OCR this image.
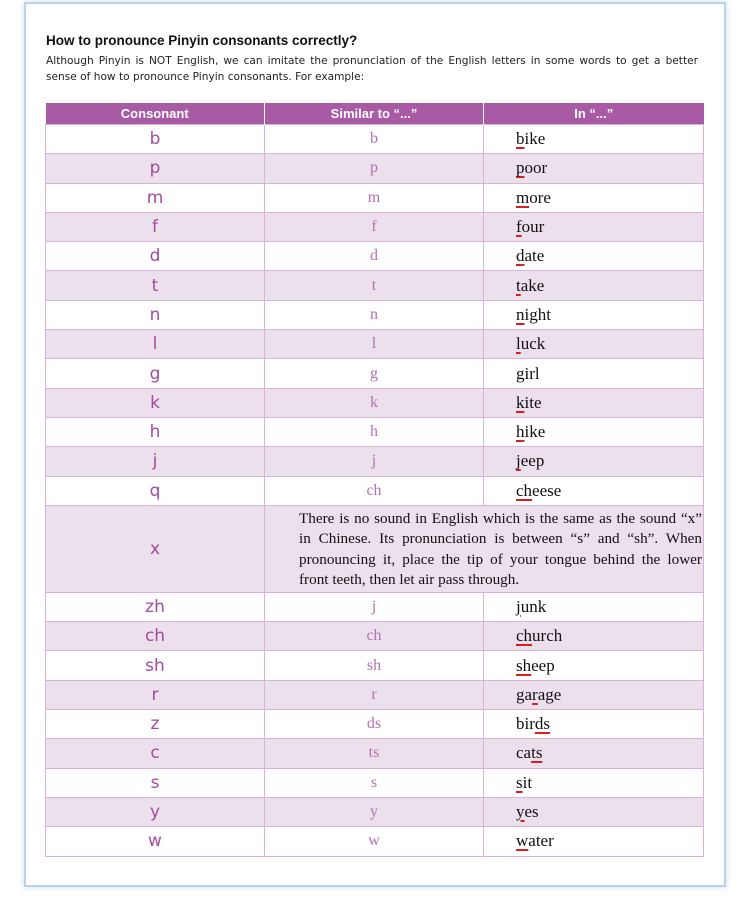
How to pronounce Pinyin consonants correctly?
Although Pinyin is NOT English, we can imitate the pronunciation of the English letters in some words to get a better sense of how to pronounce Pinyin consonants. For example:
Consonant	Similar to “...”	In “...”
b	b	bike
p	p	poor
m	m	more
f	f	four
d	d	date
t	t	take
n	n	night
l	l	luck
g	g	girl
k	k	kite
h	h	hike
j	j	jeep
q	ch	cheese
x	There is no sound in English which is the same as the sound “x” in Chinese. Its pronunciation is between “s” and “sh”. When pronouncing it, place the tip of your tongue behind the lower front teeth, then let air pass through.	
zh	j	junk
ch	ch	church
sh	sh	sheep
r	r	garage
z	ds	birds
c	ts	cats
s	s	sit
y	y	yes
w	w	water
